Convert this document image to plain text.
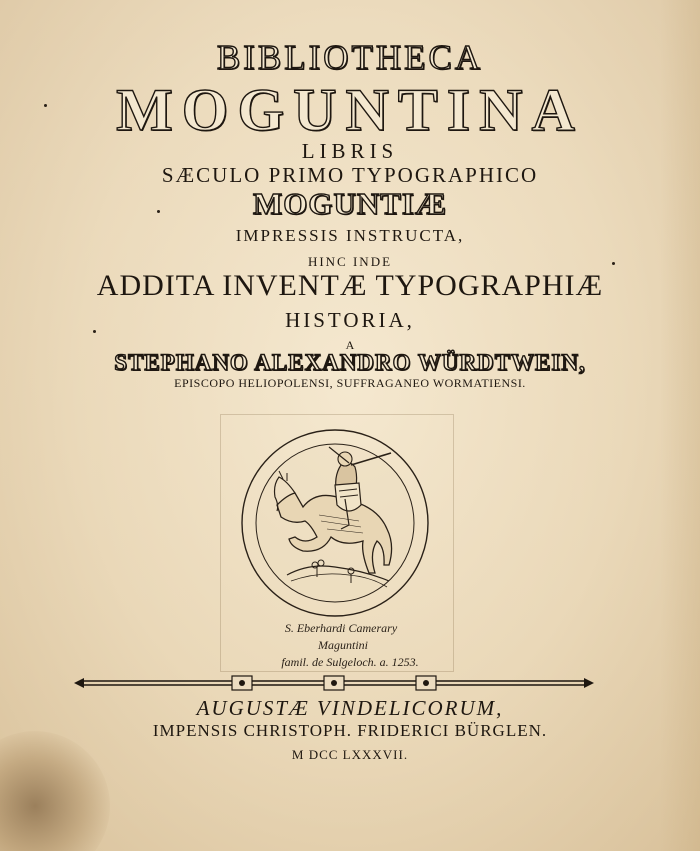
BIBLIOTHECA
MOGUNTINA
LIBRIS
SÆCULO PRIMO TYPOGRAPHICO
MOGUNTIÆ
IMPRESSIS INSTRUCTA,
HINC INDE
ADDITA INVENTÆ TYPOGRAPHIÆ
HISTORIA,
A
STEPHANO ALEXANDRO WÜRDTWEIN,
EPISCOPO HELIOPOLENSI, SUFFRAGANEO WORMATIENSI.
S. Eberhardi Camerary
Maguntini
famil. de Sulgeloch. a. 1253.
AUGUSTÆ VINDELICORUM,
IMPENSIS CHRISTOPH. FRIDERICI BÜRGLEN.
M DCC LXXXVII.
